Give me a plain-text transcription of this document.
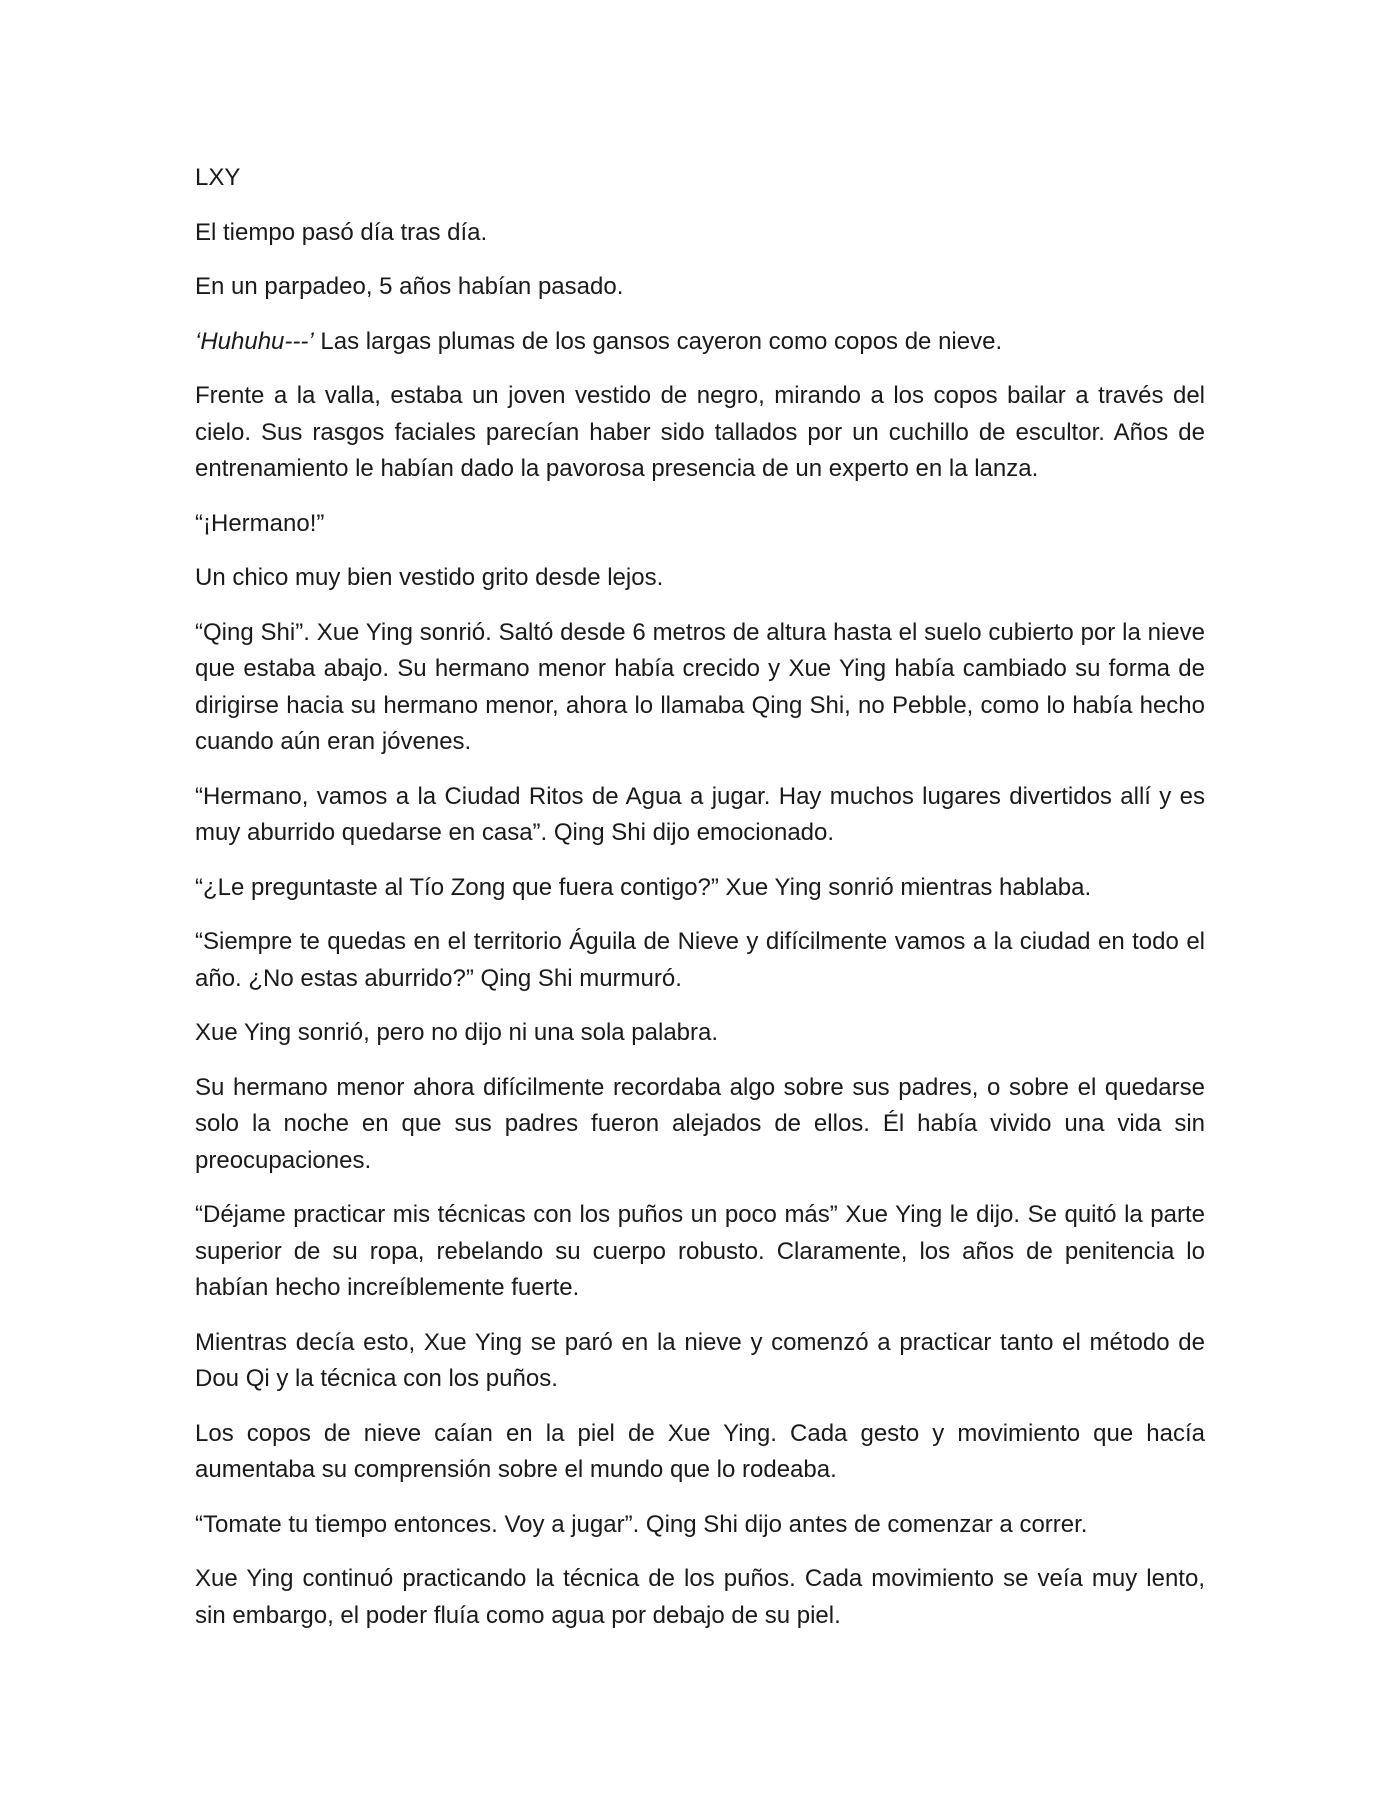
LXY

El tiempo pasó día tras día.

En un parpadeo, 5 años habían pasado.

‘Huhuhu---’ Las largas plumas de los gansos cayeron como copos de nieve.

Frente a la valla, estaba un joven vestido de negro, mirando a los copos bailar a través del cielo. Sus rasgos faciales parecían haber sido tallados por un cuchillo de escultor. Años de entrenamiento le habían dado la pavorosa presencia de un experto en la lanza.

“¡Hermano!”

Un chico muy bien vestido grito desde lejos.

“Qing Shi”. Xue Ying sonrió. Saltó desde 6 metros de altura hasta el suelo cubierto por la nieve que estaba abajo. Su hermano menor había crecido y Xue Ying había cambiado su forma de dirigirse hacia su hermano menor, ahora lo llamaba Qing Shi, no Pebble, como lo había hecho cuando aún eran jóvenes.

“Hermano, vamos a la Ciudad Ritos de Agua a jugar. Hay muchos lugares divertidos allí y es muy aburrido quedarse en casa”. Qing Shi dijo emocionado.

“¿Le preguntaste al Tío Zong que fuera contigo?” Xue Ying sonrió mientras hablaba.

“Siempre te quedas en el territorio Águila de Nieve y difícilmente vamos a la ciudad en todo el año. ¿No estas aburrido?” Qing Shi murmuró.

Xue Ying sonrió, pero no dijo ni una sola palabra.

Su hermano menor ahora difícilmente recordaba algo sobre sus padres, o sobre el quedarse solo la noche en que sus padres fueron alejados de ellos. Él había vivido una vida sin preocupaciones.

“Déjame practicar mis técnicas con los puños un poco más” Xue Ying le dijo. Se quitó la parte superior de su ropa, rebelando su cuerpo robusto. Claramente, los años de penitencia lo habían hecho increíblemente fuerte.

Mientras decía esto, Xue Ying se paró en la nieve y comenzó a practicar tanto el método de Dou Qi y la técnica con los puños.

Los copos de nieve caían en la piel de Xue Ying. Cada gesto y movimiento que hacía aumentaba su comprensión sobre el mundo que lo rodeaba.

“Tomate tu tiempo entonces. Voy a jugar”. Qing Shi dijo antes de comenzar a correr.

Xue Ying continuó practicando la técnica de los puños. Cada movimiento se veía muy lento, sin embargo, el poder fluía como agua por debajo de su piel.
